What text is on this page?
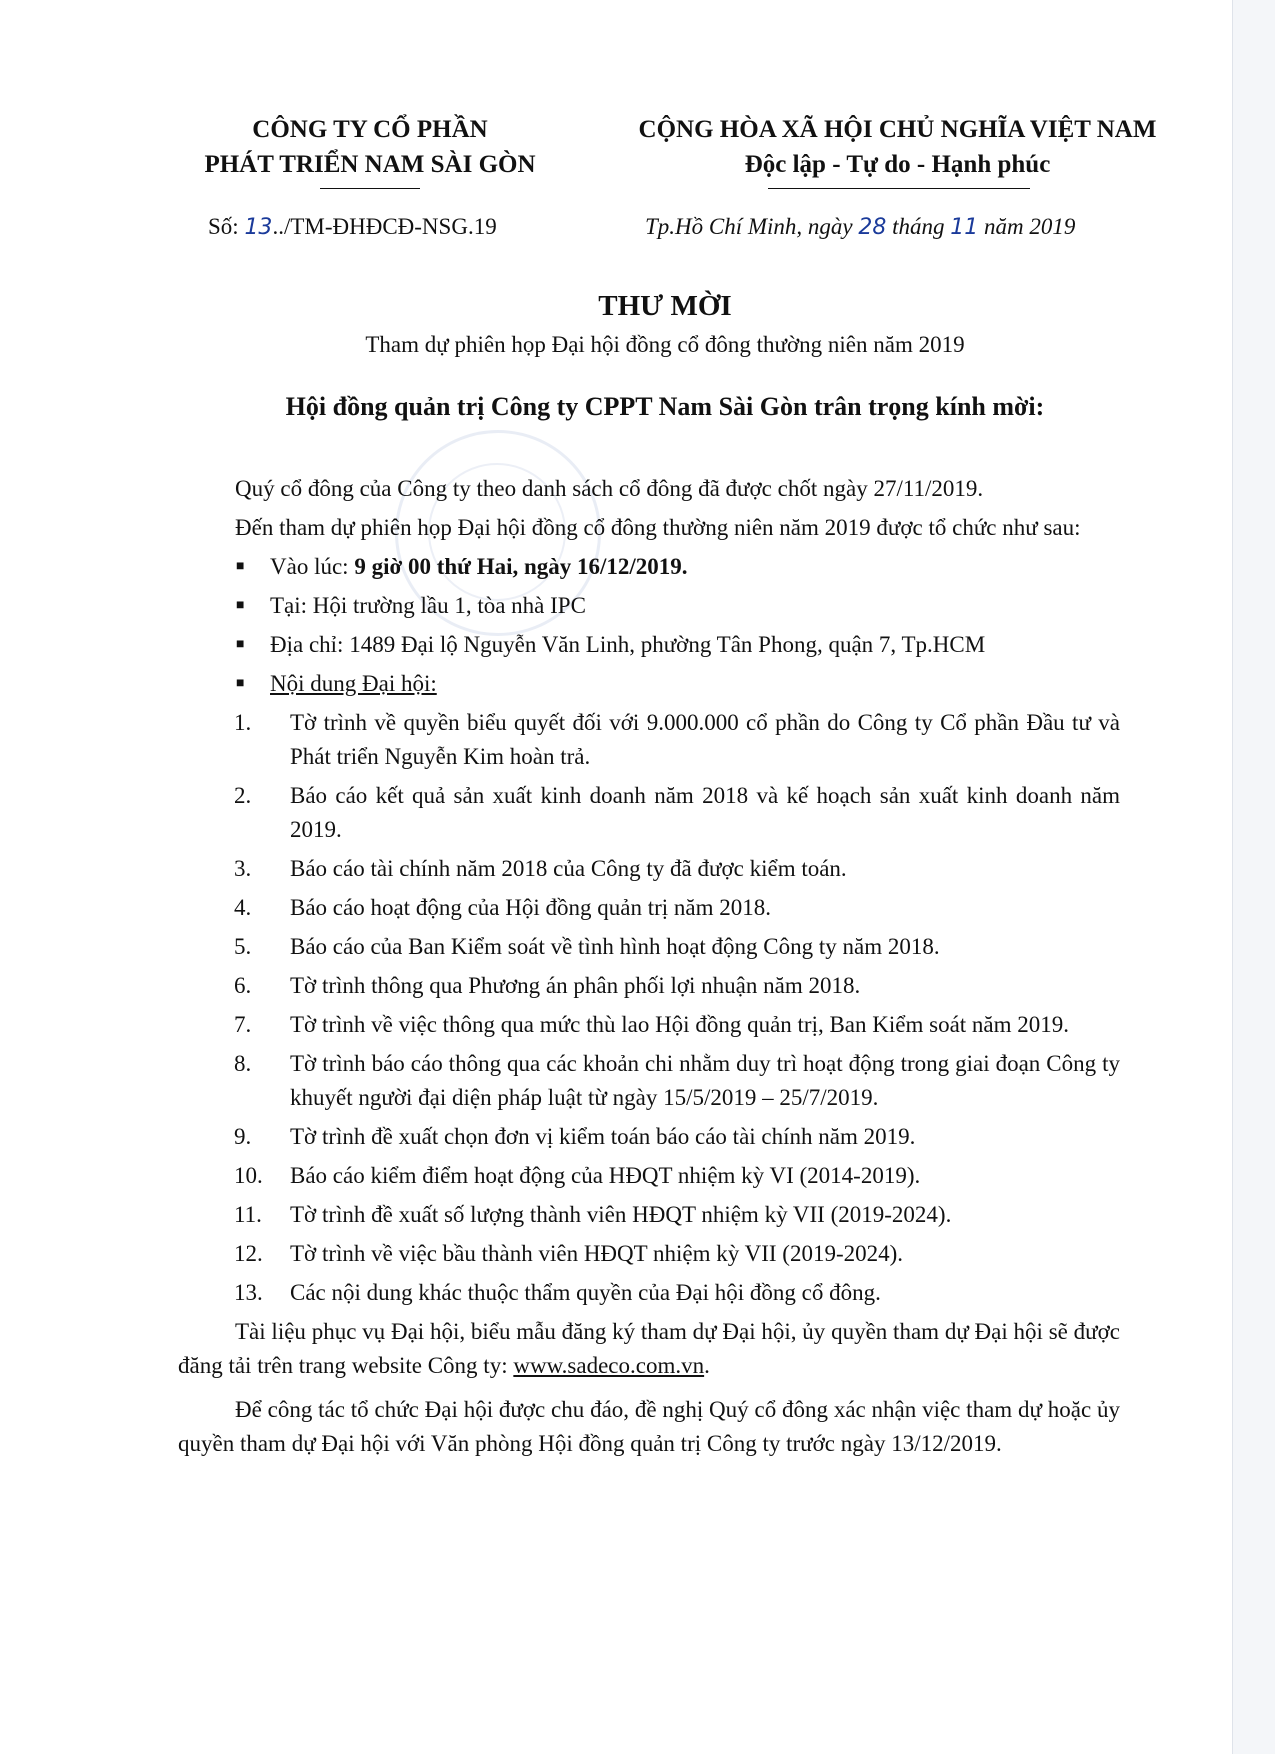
CÔNG TY CỔ PHẦN
PHÁT TRIỂN NAM SÀI GÒN
CỘNG HÒA XÃ HỘI CHỦ NGHĨA VIỆT NAM
Độc lập - Tự do - Hạnh phúc
Số: 13../TM-ĐHĐCĐ-NSG.19	Tp.Hồ Chí Minh, ngày 28 tháng 11 năm 2019
THƯ MỜI
Tham dự phiên họp Đại hội đồng cổ đông thường niên năm 2019
Hội đồng quản trị Công ty CPPT Nam Sài Gòn trân trọng kính mời:

Quý cổ đông của Công ty theo danh sách cổ đông đã được chốt ngày 27/11/2019.

Đến tham dự phiên họp Đại hội đồng cổ đông thường niên năm 2019 được tổ chức như sau:

■	Vào lúc: 9 giờ 00 thứ Hai, ngày 16/12/2019.
■	Tại: Hội trường lầu 1, tòa nhà IPC
■	Địa chỉ: 1489 Đại lộ Nguyễn Văn Linh, phường Tân Phong, quận 7, Tp.HCM
■	Nội dung Đại hội:
1.	Tờ trình về quyền biểu quyết đối với 9.000.000 cổ phần do Công ty Cổ phần Đầu tư và Phát triển Nguyễn Kim hoàn trả.
2.	Báo cáo kết quả sản xuất kinh doanh năm 2018 và kế hoạch sản xuất kinh doanh năm 2019.
3.	Báo cáo tài chính năm 2018 của Công ty đã được kiểm toán.
4.	Báo cáo hoạt động của Hội đồng quản trị năm 2018.
5.	Báo cáo của Ban Kiểm soát về tình hình hoạt động Công ty năm 2018.
6.	Tờ trình thông qua Phương án phân phối lợi nhuận năm 2018.
7.	Tờ trình về việc thông qua mức thù lao Hội đồng quản trị, Ban Kiểm soát năm 2019.
8.	Tờ trình báo cáo thông qua các khoản chi nhằm duy trì hoạt động trong giai đoạn Công ty khuyết người đại diện pháp luật từ ngày 15/5/2019 – 25/7/2019.
9.	Tờ trình đề xuất chọn đơn vị kiểm toán báo cáo tài chính năm 2019.
10.	Báo cáo kiểm điểm hoạt động của HĐQT nhiệm kỳ VI (2014-2019).
11.	Tờ trình đề xuất số lượng thành viên HĐQT nhiệm kỳ VII (2019-2024).
12.	Tờ trình về việc bầu thành viên HĐQT nhiệm kỳ VII (2019-2024).
13.	Các nội dung khác thuộc thẩm quyền của Đại hội đồng cổ đông.

Tài liệu phục vụ Đại hội, biểu mẫu đăng ký tham dự Đại hội, ủy quyền tham dự Đại hội sẽ được đăng tải trên trang website Công ty: www.sadeco.com.vn.

Để công tác tổ chức Đại hội được chu đáo, đề nghị Quý cổ đông xác nhận việc tham dự hoặc ủy quyền tham dự Đại hội với Văn phòng Hội đồng quản trị Công ty trước ngày 13/12/2019.
